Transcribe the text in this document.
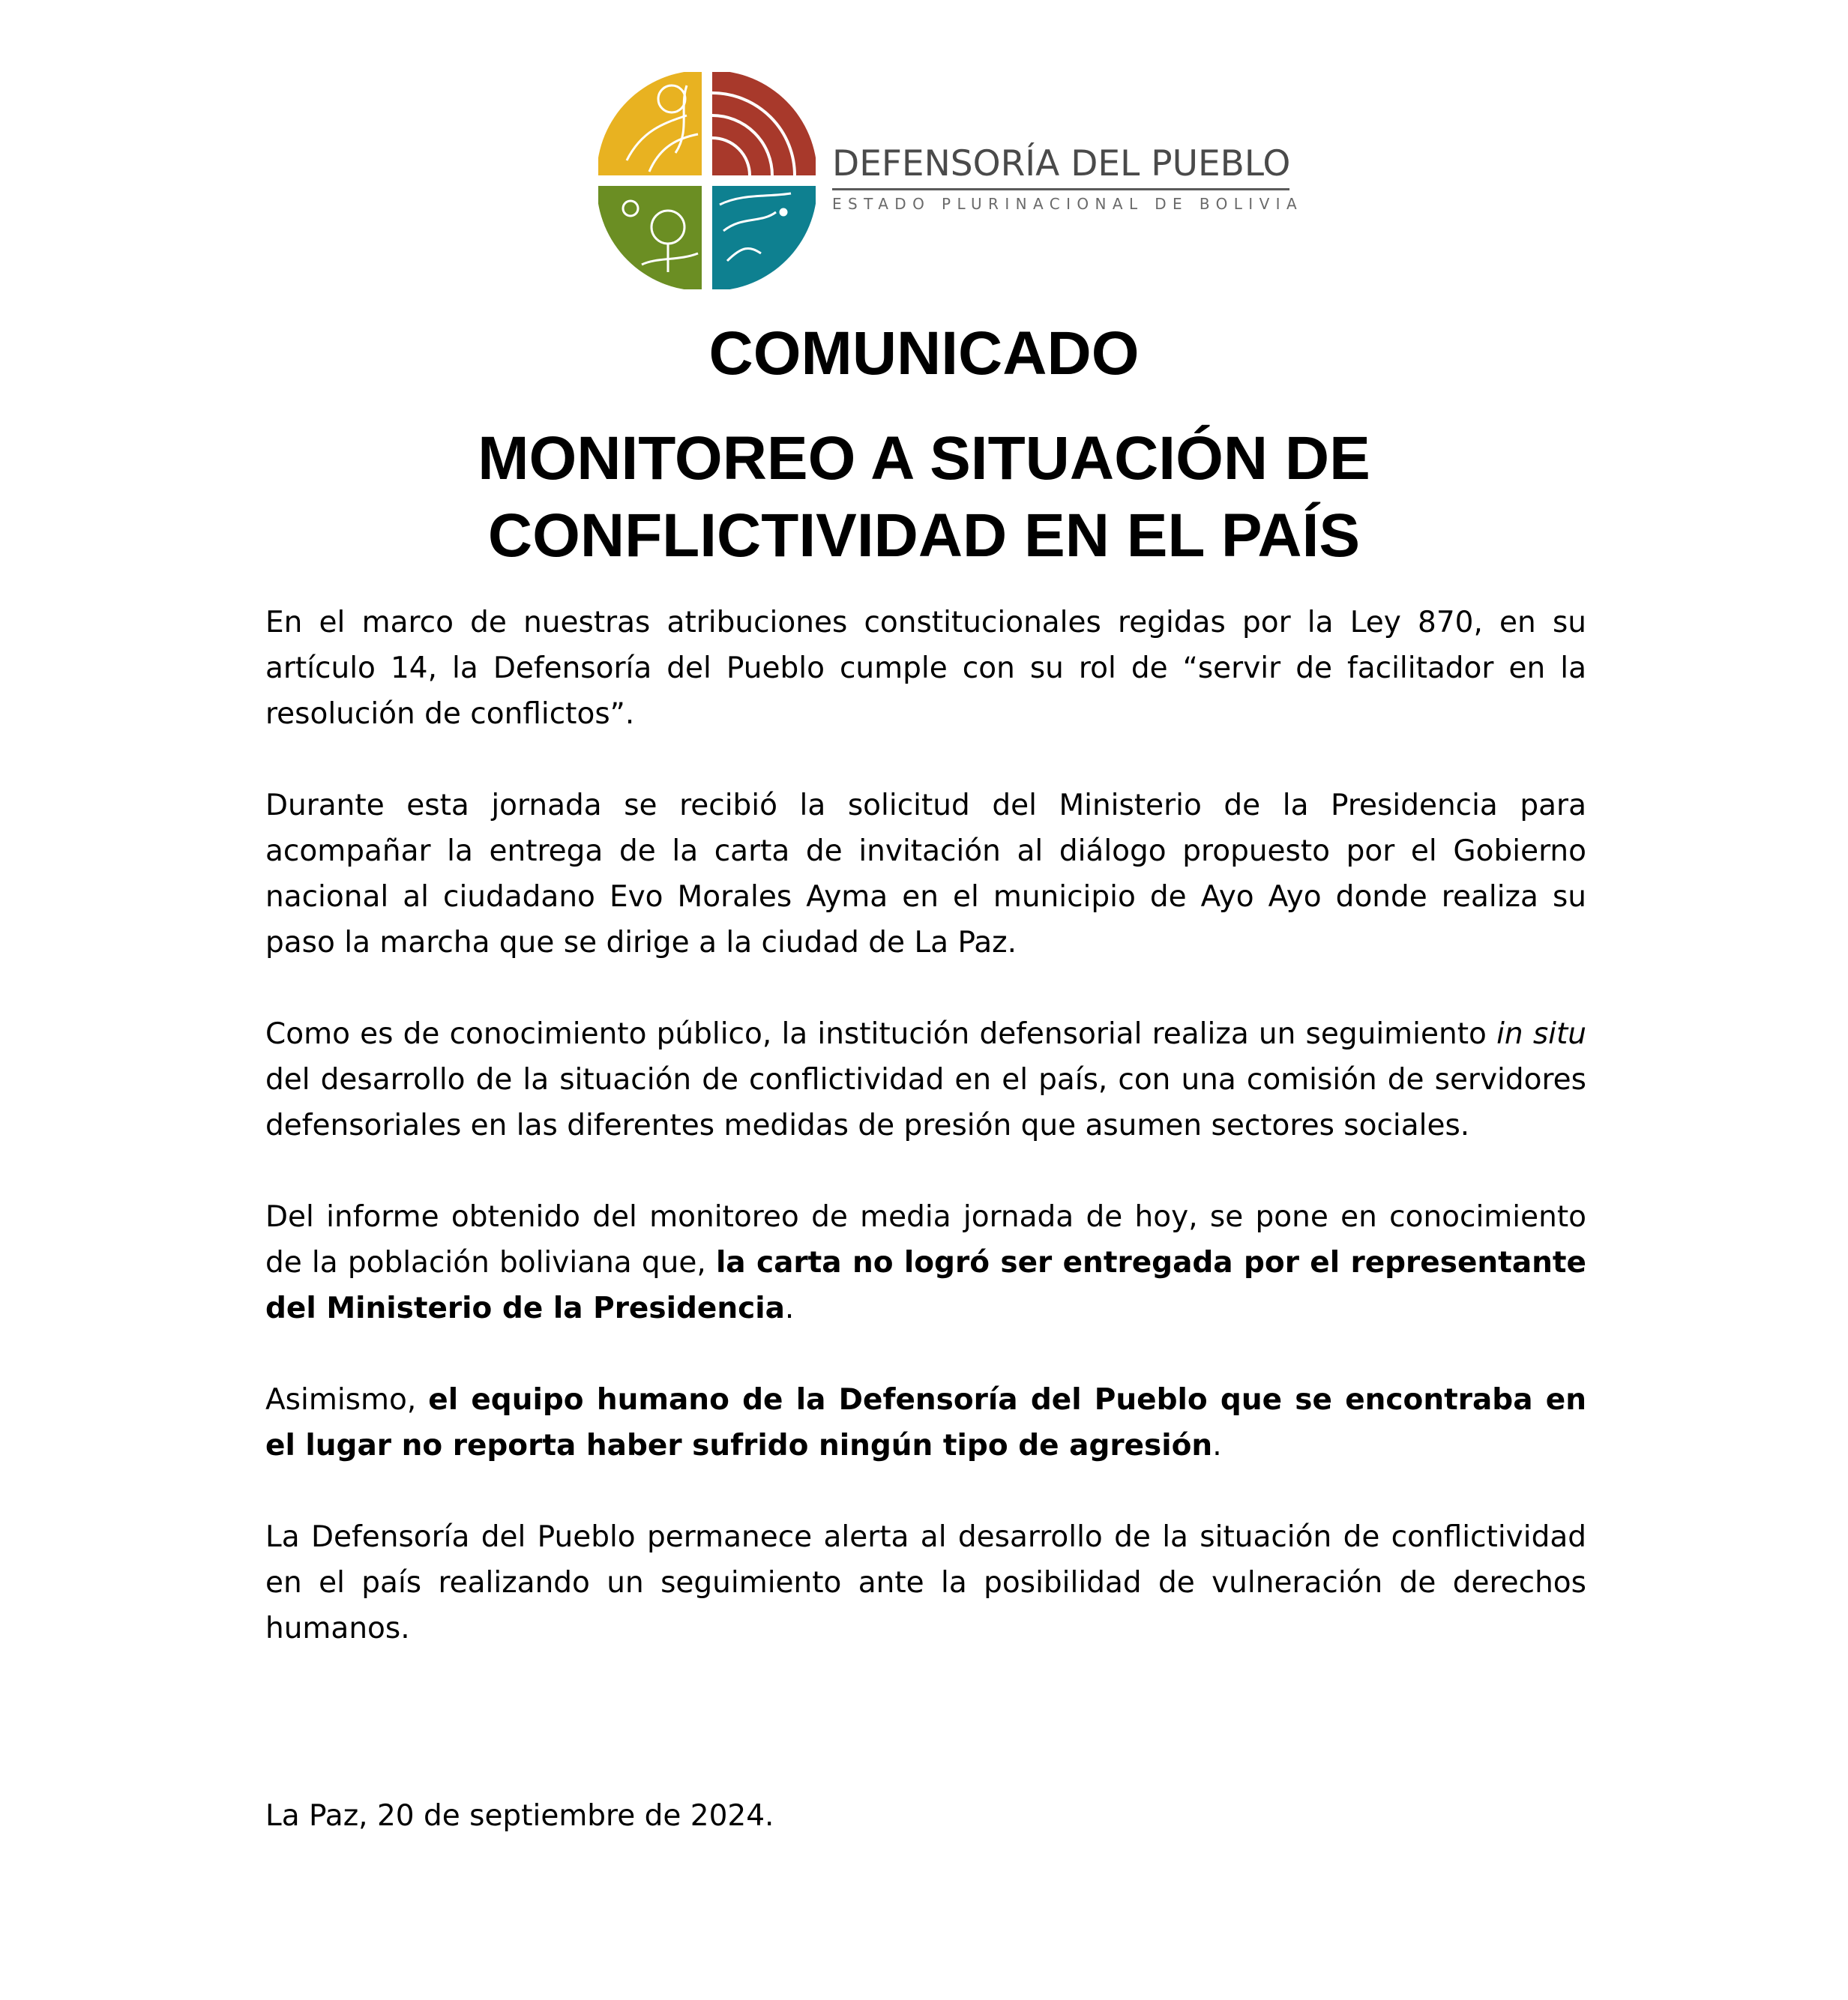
DEFENSORÍA DEL PUEBLO
ESTADO PLURINACIONAL DE BOLIVIA
COMUNICADO
MONITOREO A SITUACIÓN DE
CONFLICTIVIDAD EN EL PAÍS

En el marco de nuestras atribuciones constitucionales regidas por la Ley 870, en su artículo 14, la Defensoría del Pueblo cumple con su rol de “servir de facilitador en la resolución de conflictos”.

Durante esta jornada se recibió la solicitud del Ministerio de la Presidencia para acompañar la entrega de la carta de invitación al diálogo propuesto por el Gobierno nacional al ciudadano Evo Morales Ayma en el municipio de Ayo Ayo donde realiza su paso la marcha que se dirige a la ciudad de La Paz.

Como es de conocimiento público, la institución defensorial realiza un seguimiento in situ del desarrollo de la situación de conflictividad en el país, con una comisión de servidores defensoriales en las diferentes medidas de presión que asumen sectores sociales.

Del informe obtenido del monitoreo de media jornada de hoy, se pone en conocimiento de la población boliviana que, la carta no logró ser entregada por el representante del Ministerio de la Presidencia.

Asimismo, el equipo humano de la Defensoría del Pueblo que se encontraba en el lugar no reporta haber sufrido ningún tipo de agresión.

La Defensoría del Pueblo permanece alerta al desarrollo de la situación de conflictividad en el país realizando un seguimiento ante la posibilidad de vulneración de derechos humanos.

La Paz, 20 de septiembre de 2024.
